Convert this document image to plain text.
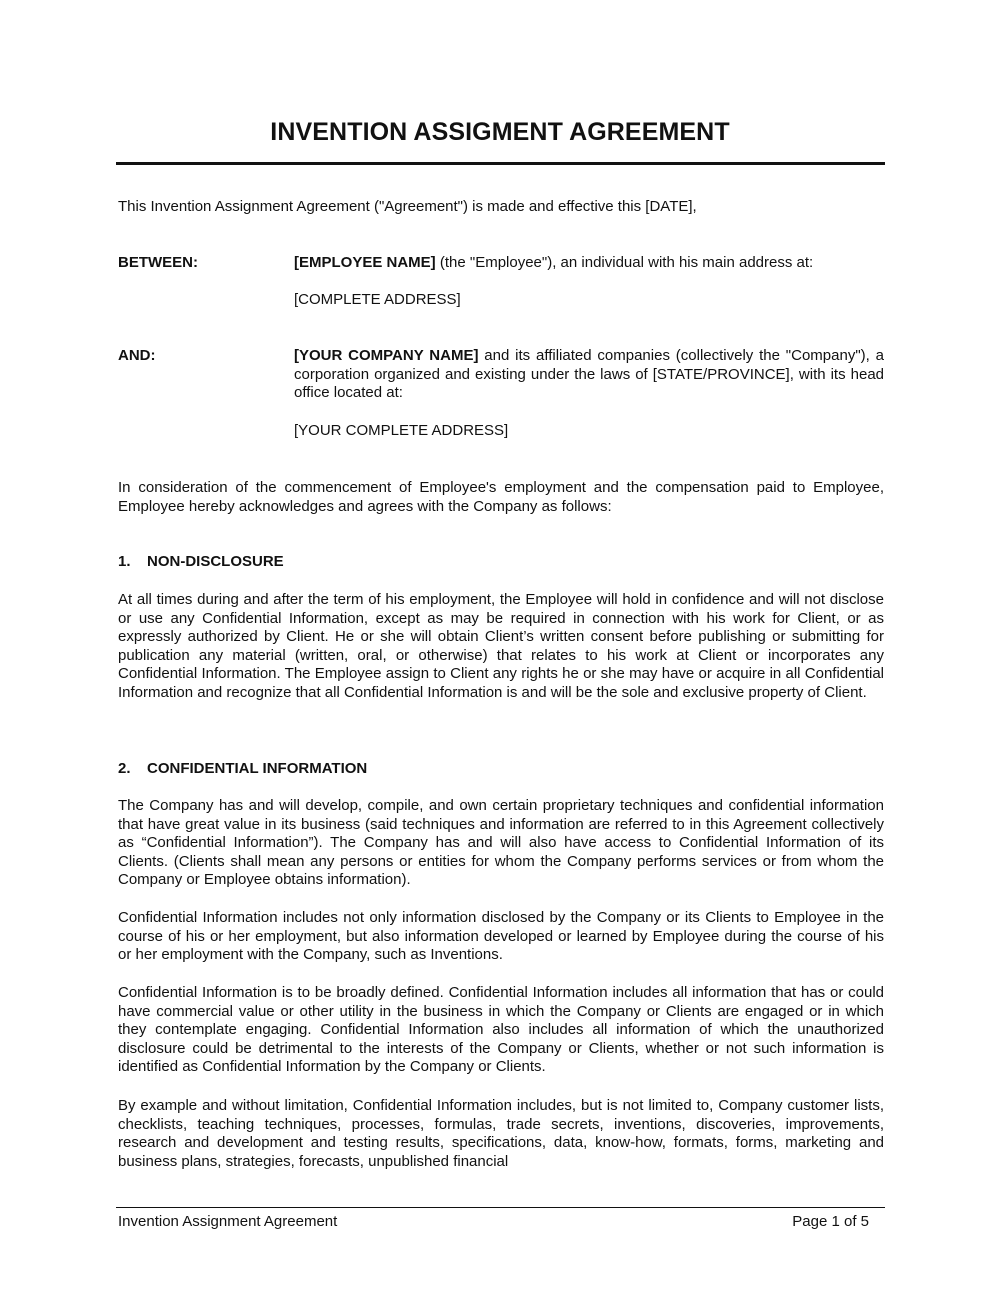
INVENTION ASSIGMENT AGREEMENT

This Invention Assignment Agreement ("Agreement") is made and effective this [DATE],

BETWEEN:	[EMPLOYEE NAME] (the "Employee"), an individual with his main address at:

[COMPLETE ADDRESS]

AND:	[YOUR COMPANY NAME] and its affiliated companies (collectively the "Company"), a corporation organized and existing under the laws of [STATE/PROVINCE], with its head office located at:

[YOUR COMPLETE ADDRESS]

In consideration of the commencement of Employee's employment and the compensation paid to Employee, Employee hereby acknowledges and agrees with the Company as follows:

1. NON-DISCLOSURE

At all times during and after the term of his employment, the Employee will hold in confidence and will not disclose or use any Confidential Information, except as may be required in connection with his work for Client, or as expressly authorized by Client. He or she will obtain Client’s written consent before publishing or submitting for publication any material (written, oral, or otherwise) that relates to his work at Client or incorporates any Confidential Information. The Employee assign to Client any rights he or she may have or acquire in all Confidential Information and recognize that all Confidential Information is and will be the sole and exclusive property of Client.

2. CONFIDENTIAL INFORMATION

The Company has and will develop, compile, and own certain proprietary techniques and confidential information that have great value in its business (said techniques and information are referred to in this Agreement collectively as “Confidential Information”). The Company has and will also have access to Confidential Information of its Clients. (Clients shall mean any persons or entities for whom the Company performs services or from whom the Company or Employee obtains information).

Confidential Information includes not only information disclosed by the Company or its Clients to Employee in the course of his or her employment, but also information developed or learned by Employee during the course of his or her employment with the Company, such as Inventions.

Confidential Information is to be broadly defined. Confidential Information includes all information that has or could have commercial value or other utility in the business in which the Company or Clients are engaged or in which they contemplate engaging. Confidential Information also includes all information of which the unauthorized disclosure could be detrimental to the interests of the Company or Clients, whether or not such information is identified as Confidential Information by the Company or Clients.

By example and without limitation, Confidential Information includes, but is not limited to, Company customer lists, checklists, teaching techniques, processes, formulas, trade secrets, inventions, discoveries, improvements, research and development and testing results, specifications, data, know-how, formats, forms, marketing and business plans, strategies, forecasts, unpublished financial

Invention Assignment Agreement	Page 1 of 5
